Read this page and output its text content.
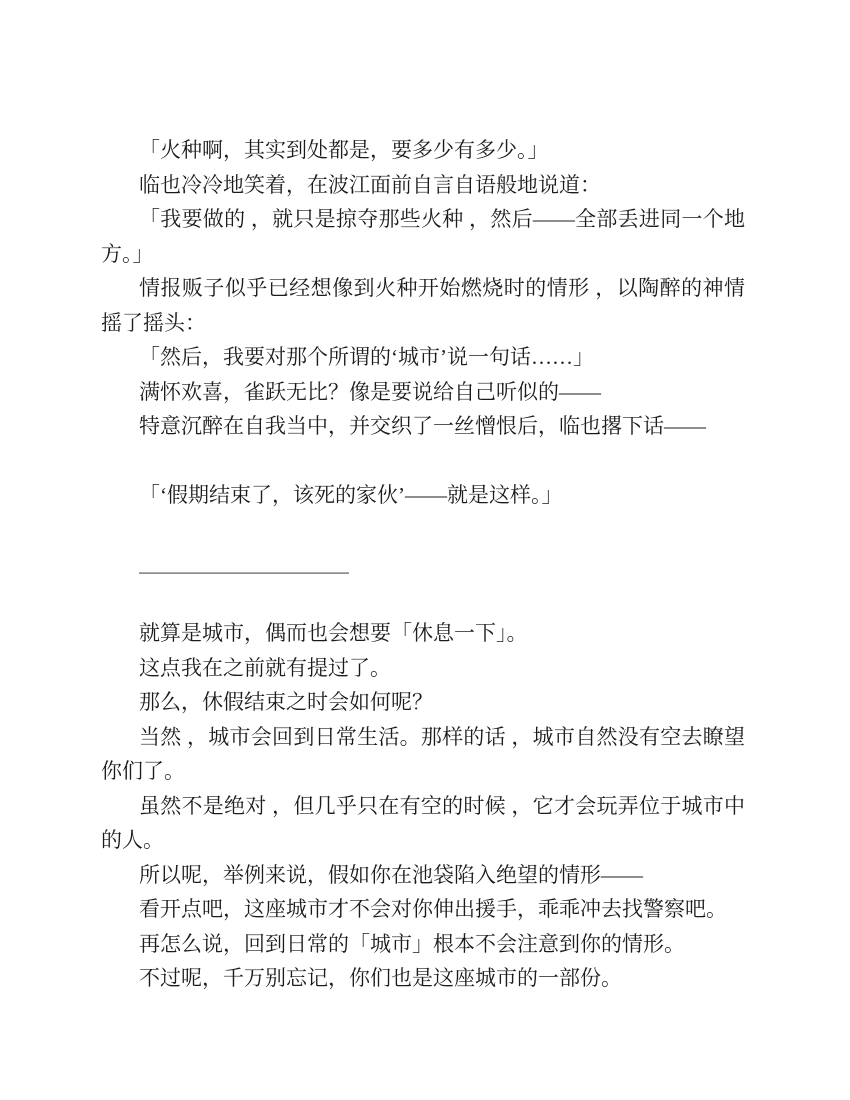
「火种啊，其实到处都是，要多少有多少。」
临也冷冷地笑着，在波江面前自言自语般地说道：
「我要做的 ，就只是掠夺那些火种 ，然后——全部丢进同一个地
方。」
情报贩子似乎已经想像到火种开始燃烧时的情形 ，以陶醉的神情
摇了摇头：
「然后，我要对那个所谓的‘城市’说一句话……」
满怀欢喜，雀跃无比？像是要说给自己听似的——
特意沉醉在自我当中，并交织了一丝憎恨后，临也撂下话——
「‘假期结束了，该死的家伙’——就是这样。」
＿＿＿＿＿＿＿＿＿＿
就算是城市，偶而也会想要「休息一下」。
这点我在之前就有提过了。
那么，休假结束之时会如何呢？
当然 ，城市会回到日常生活。那样的话 ，城市自然没有空去瞭望
你们了。
虽然不是绝对 ，但几乎只在有空的时候 ，它才会玩弄位于城市中
的人。
所以呢，举例来说，假如你在池袋陷入绝望的情形——
看开点吧，这座城市才不会对你伸出援手，乖乖冲去找警察吧。
再怎么说，回到日常的「城市」根本不会注意到你的情形。
不过呢，千万别忘记，你们也是这座城市的一部份。
